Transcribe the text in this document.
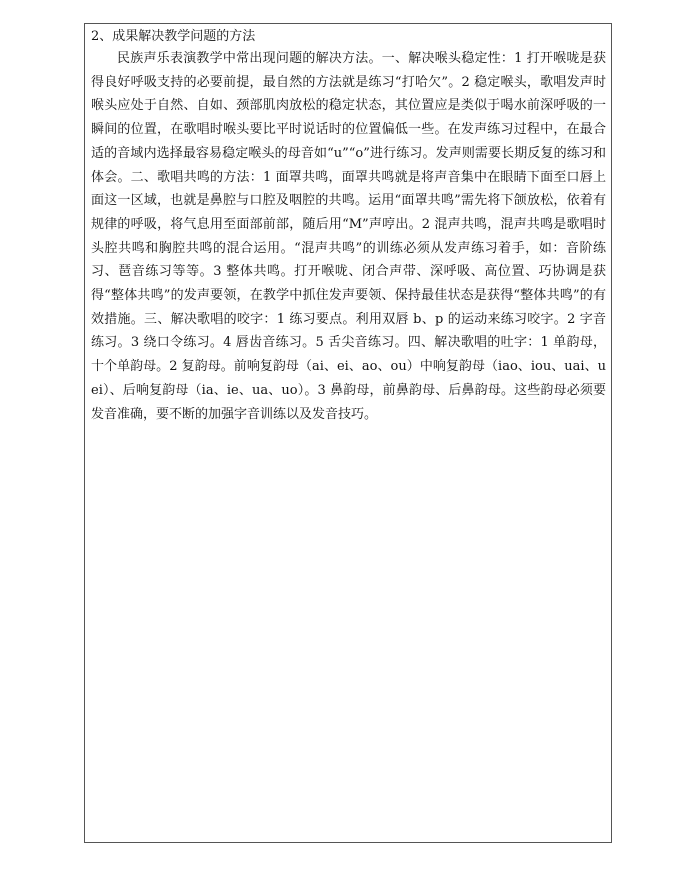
2、成果解决教学问题的方法

民族声乐表演教学中常出现问题的解决方法。一、解决喉头稳定性：1 打开喉咙是获得良好呼吸支持的必要前提，最自然的方法就是练习“打哈欠”。2 稳定喉头，歌唱发声时喉头应处于自然、自如、颈部肌肉放松的稳定状态，其位置应是类似于喝水前深呼吸的一瞬间的位置，在歌唱时喉头要比平时说话时的位置偏低一些。在发声练习过程中，在最合适的音域内选择最容易稳定喉头的母音如“u”“o”进行练习。发声则需要长期反复的练习和体会。二、歌唱共鸣的方法：1 面罩共鸣，面罩共鸣就是将声音集中在眼睛下面至口唇上面这一区域，也就是鼻腔与口腔及咽腔的共鸣。运用“面罩共鸣”需先将下颌放松，依着有规律的呼吸，将气息用至面部前部，随后用“M”声哼出。2 混声共鸣，混声共鸣是歌唱时头腔共鸣和胸腔共鸣的混合运用。“混声共鸣”的训练必须从发声练习着手，如：音阶练习、琶音练习等等。3 整体共鸣。打开喉咙、闭合声带、深呼吸、高位置、巧协调是获得“整体共鸣”的发声要领，在教学中抓住发声要领、保持最佳状态是获得“整体共鸣”的有效措施。三、解决歌唱的咬字：1 练习要点。利用双唇 b、p 的运动来练习咬字。2 字音练习。3 绕口令练习。4 唇齿音练习。5 舌尖音练习。四、解决歌唱的吐字：1 单韵母，十个单韵母。2 复韵母。前响复韵母（ai、ei、ao、ou）中响复韵母（iao、iou、uai、uei）、后响复韵母（ia、ie、ua、uo）。3 鼻韵母，前鼻韵母、后鼻韵母。这些韵母必须要发音准确，要不断的加强字音训练以及发音技巧。
